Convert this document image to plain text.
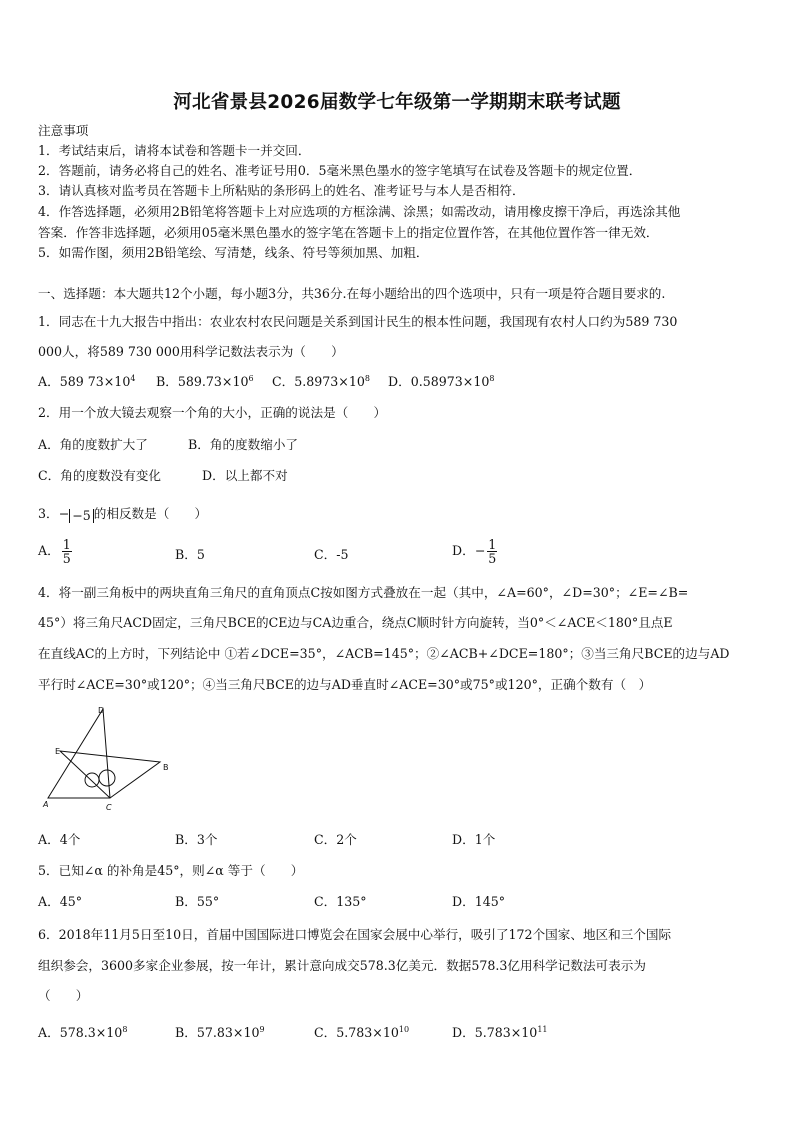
河北省景县2026届数学七年级第一学期期末联考试题
注意事项
1．考试结束后，请将本试卷和答题卡一并交回．
2．答题前，请务必将自己的姓名、准考证号用0．5毫米黑色墨水的签字笔填写在试卷及答题卡的规定位置．
3．请认真核对监考员在答题卡上所粘贴的条形码上的姓名、准考证号与本人是否相符．
4．作答选择题，必须用2B铅笔将答题卡上对应选项的方框涂满、涂黑；如需改动，请用橡皮擦干净后，再选涂其他
答案．作答非选择题，必须用05毫米黑色墨水的签字笔在答题卡上的指定位置作答，在其他位置作答一律无效．
5．如需作图，须用2B铅笔绘、写清楚，线条、符号等须加黑、加粗．
一、选择题：本大题共12个小题，每小题3分，共36分.在每小题给出的四个选项中，只有一项是符合题目要求的.
1．同志在十九大报告中指出：农业农村农民问题是关系到国计民生的根本性问题，我国现有农村人口约为589 730
000人，将589 730 000用科学记数法表示为（　　）
A．589 $73\times 10^4$ B．$589.73\times 10^6$ C．$5.8973\times 10^8$ D．$0.58973\times 10^8$
2．用一个放大镜去观察一个角的大小，正确的说法是（　　）
A．角的度数扩大了	B．角的度数缩小了
C．角的度数没有变化	D．以上都不对
3．− −5 的相反数是（　　）
A． $\frac{1}{5}$	B．5	C．-5	D．− $\frac{1}{5}$
4．将一副三角板中的两块直角三角尺的直角顶点C按如图方式叠放在一起（其中，∠A=60°，∠D=30°；∠E=∠B=
45°）将三角尺ACD固定，三角尺BCE的CE边与CA边重合，绕点C顺时针方向旋转，当0°＜∠ACE＜180°且点E
在直线AC的上方时，下列结论中 ①若∠DCE=35°，∠ACB=145°；②∠ACB+∠DCE=180°；③当三角尺BCE的边与AD
平行时∠ACE=30°或120°；④当三角尺BCE的边与AD垂直时∠ACE=30°或75°或120°，正确个数有（　）
D
E
B
A	C
A．4个	B．3个	C．2个	D．1个
5．已知∠α 的补角是45°，则∠α 等于（　　）
A．45°	B．55°	C．135°	D．145°
6．2018年11月5日至10日，首届中国国际进口博览会在国家会展中心举行，吸引了172个国家、地区和三个国际
组织参会，3600多家企业参展，按一年计，累计意向成交578.3亿美元．数据578.3亿用科学记数法可表示为
（　　）
A．$578.3\times 10^8$	B．$57.83\times 10^9$	C．$5.783\times 10^{10}$	D．$5.783\times 10^{11}$
